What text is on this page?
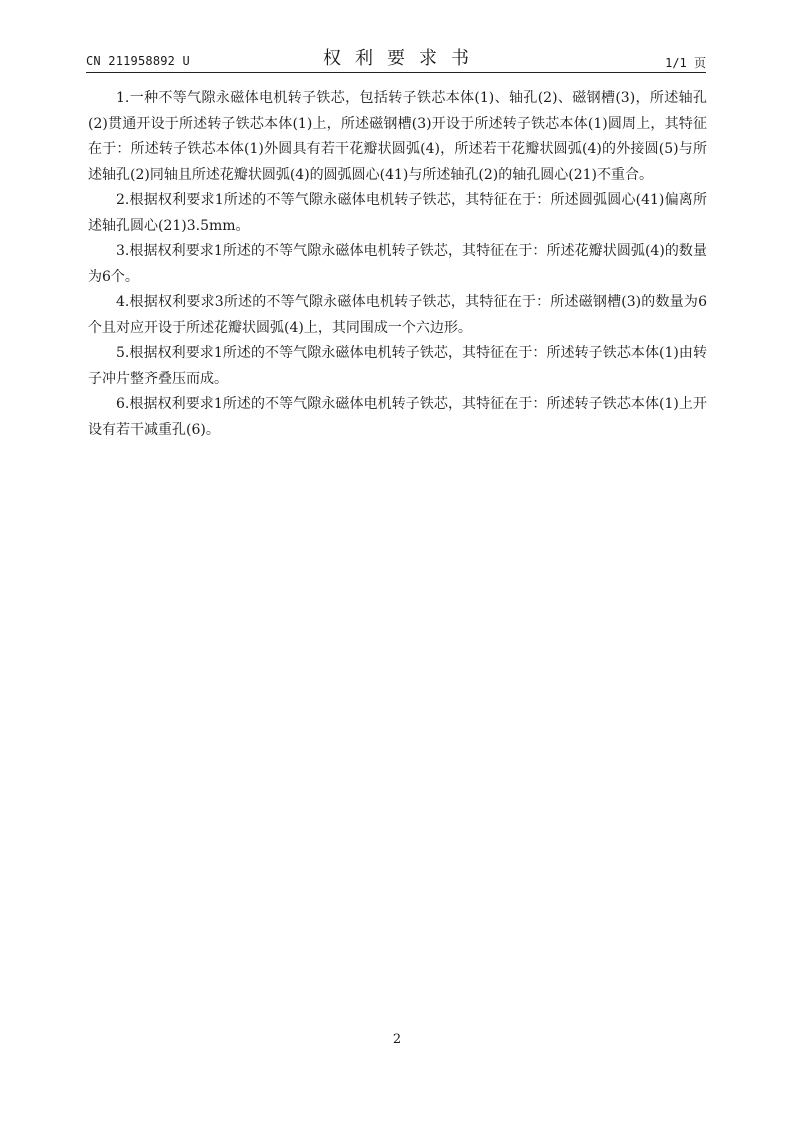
CN 211958892 U	权利要求书	1/1 页

1.一种不等气隙永磁体电机转子铁芯，包括转子铁芯本体(1)、轴孔(2)、磁钢槽(3)，所述轴孔(2)贯通开设于所述转子铁芯本体(1)上，所述磁钢槽(3)开设于所述转子铁芯本体(1)圆周上，其特征在于：所述转子铁芯本体(1)外圆具有若干花瓣状圆弧(4)，所述若干花瓣状圆弧(4)的外接圆(5)与所述轴孔(2)同轴且所述花瓣状圆弧(4)的圆弧圆心(41)与所述轴孔(2)的轴孔圆心(21)不重合。

2.根据权利要求1所述的不等气隙永磁体电机转子铁芯，其特征在于：所述圆弧圆心(41)偏离所述轴孔圆心(21)3.5mm。

3.根据权利要求1所述的不等气隙永磁体电机转子铁芯，其特征在于：所述花瓣状圆弧(4)的数量为6个。

4.根据权利要求3所述的不等气隙永磁体电机转子铁芯，其特征在于：所述磁钢槽(3)的数量为6个且对应开设于所述花瓣状圆弧(4)上，其同围成一个六边形。

5.根据权利要求1所述的不等气隙永磁体电机转子铁芯，其特征在于：所述转子铁芯本体(1)由转子冲片整齐叠压而成。

6.根据权利要求1所述的不等气隙永磁体电机转子铁芯，其特征在于：所述转子铁芯本体(1)上开设有若干减重孔(6)。

2
